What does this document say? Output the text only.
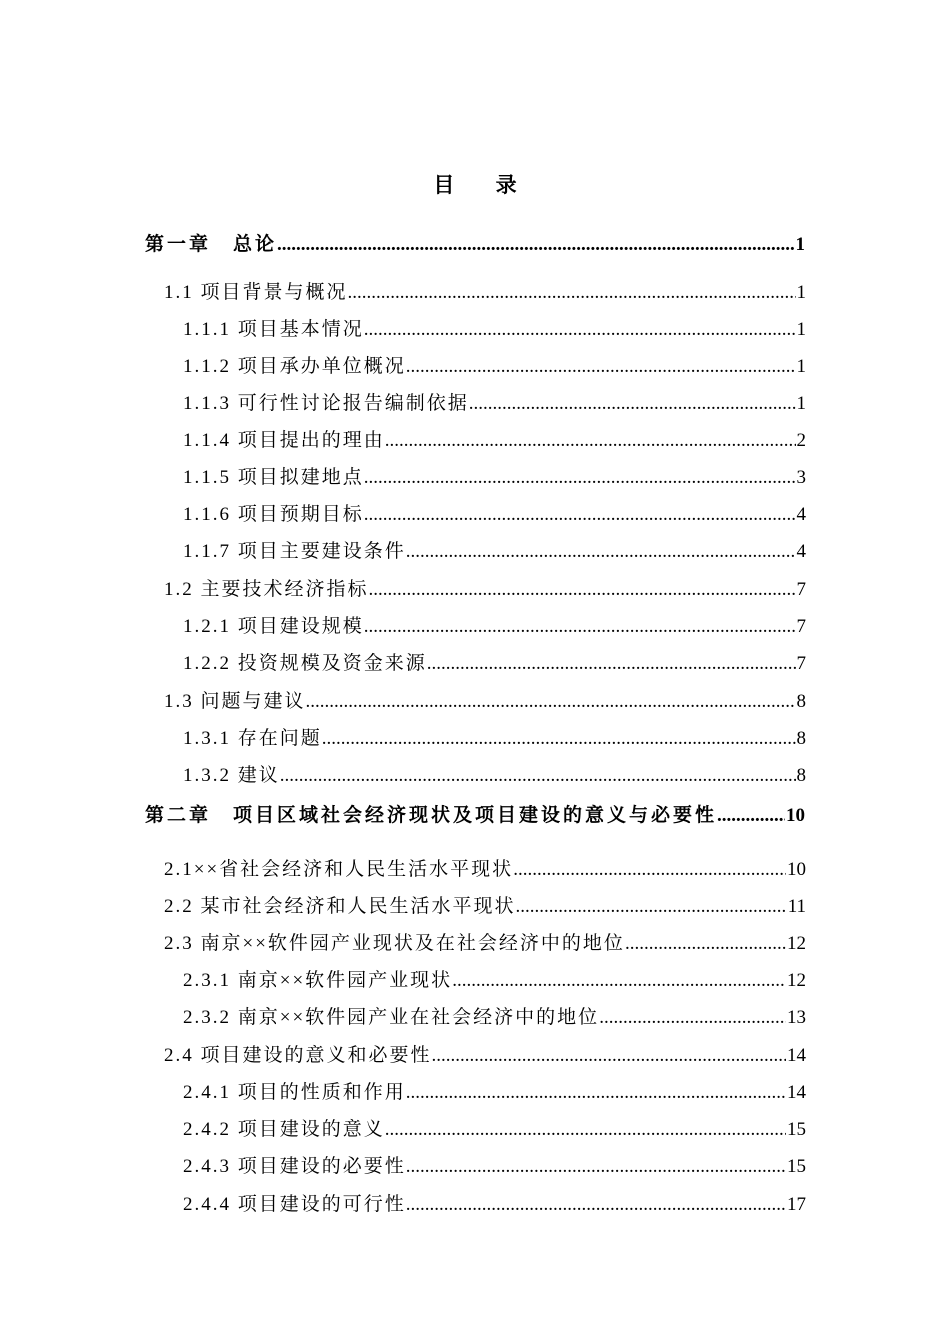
目 录
第一章　总论 .....	1
1.1 项目背景与概况 .....	1
1.1.1 项目基本情况 .....	1
1.1.2 项目承办单位概况 .....	1
1.1.3 可行性讨论报告编制依据 .....	1
1.1.4 项目提出的理由 .....	2
1.1.5 项目拟建地点 .....	3
1.1.6 项目预期目标 .....	4
1.1.7 项目主要建设条件 .....	4
1.2 主要技术经济指标 .....	7
1.2.1 项目建设规模 .....	7
1.2.2 投资规模及资金来源 .....	7
1.3 问题与建议 .....	8
1.3.1 存在问题 .....	8
1.3.2 建议 .....	8
第二章　项目区域社会经济现状及项目建设的意义与必要性 .....	10
2.1××省社会经济和人民生活水平现状 .....	10
2.2 某市社会经济和人民生活水平现状 .....	11
2.3 南京××软件园产业现状及在社会经济中的地位 .....	12
2.3.1 南京××软件园产业现状 .....	12
2.3.2 南京××软件园产业在社会经济中的地位 .....	13
2.4 项目建设的意义和必要性 .....	14
2.4.1 项目的性质和作用 .....	14
2.4.2 项目建设的意义 .....	15
2.4.3 项目建设的必要性 .....	15
2.4.4 项目建设的可行性 .....	17
